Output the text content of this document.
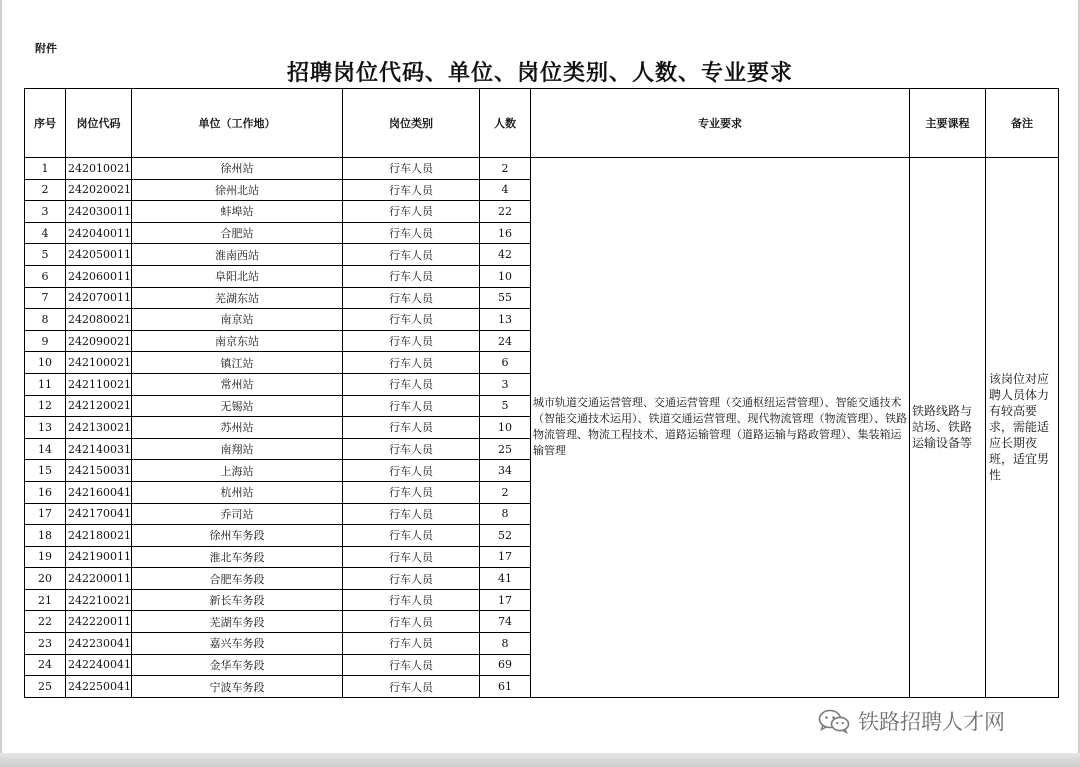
附件
招聘岗位代码、单位、岗位类别、人数、专业要求
序号	岗位代码	单位（工作地）	岗位类别	人数	专业要求	主要课程	备注
1	242010021	徐州站	行车人员	2	城市轨道交通运营管理、交通运营管理（交通枢纽运营管理）、智能交通技术（智能交通技术运用）、铁道交通运营管理、现代物流管理（物流管理）、铁路物流管理、物流工程技术、道路运输管理（道路运输与路政管理）、集装箱运输管理	铁路线路与站场、铁路运输设备等	该岗位对应聘人员体力有较高要求，需能适应长期夜班，适宜男性
2	242020021	徐州北站	行车人员	4			
3	242030011	蚌埠站	行车人员	22			
4	242040011	合肥站	行车人员	16			
5	242050011	淮南西站	行车人员	42			
6	242060011	阜阳北站	行车人员	10			
7	242070011	芜湖东站	行车人员	55			
8	242080021	南京站	行车人员	13			
9	242090021	南京东站	行车人员	24			
10	242100021	镇江站	行车人员	6			
11	242110021	常州站	行车人员	3			
12	242120021	无锡站	行车人员	5			
13	242130021	苏州站	行车人员	10			
14	242140031	南翔站	行车人员	25			
15	242150031	上海站	行车人员	34			
16	242160041	杭州站	行车人员	2			
17	242170041	乔司站	行车人员	8			
18	242180021	徐州车务段	行车人员	52			
19	242190011	淮北车务段	行车人员	17			
20	242200011	合肥车务段	行车人员	41			
21	242210021	新长车务段	行车人员	17			
22	242220011	芜湖车务段	行车人员	74			
23	242230041	嘉兴车务段	行车人员	8			
24	242240041	金华车务段	行车人员	69			
25	242250041	宁波车务段	行车人员	61			
铁路招聘人才网
